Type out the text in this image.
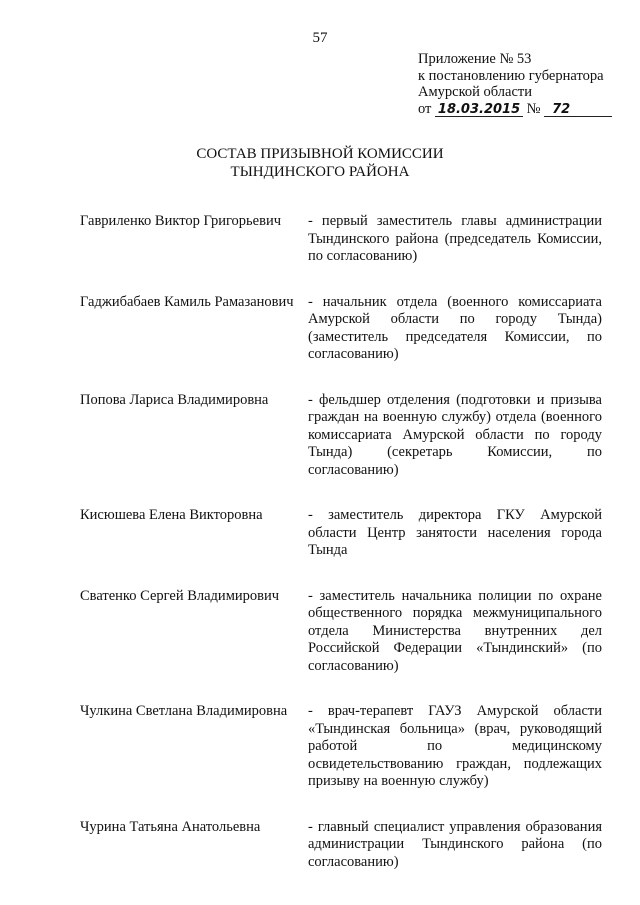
57
Приложение № 53
к постановлению губернатора
Амурской области
от 18.03.2015 № 72
СОСТАВ ПРИЗЫВНОЙ КОМИССИИ
ТЫНДИНСКОГО РАЙОНА
Гавриленко Виктор Григорьевич	- первый заместитель главы администрации Тындинского района (председатель Комиссии, по согласованию)
Гаджибабаев Камиль Рамазанович - начальник отдела (военного комиссариата Амурской области по городу Тында) (заместитель председателя Комиссии, по согласованию)
Попова Лариса Владимировна	- фельдшер отделения (подготовки и призыва граждан на военную службу) отдела (военного комиссариата Амурской области по городу Тында) (секретарь Комиссии, по согласованию)
Кисюшева Елена Викторовна	- заместитель директора ГКУ Амурской области Центр занятости населения города Тында
Сватенко Сергей Владимирович	- заместитель начальника полиции по охране общественного порядка межмуниципального отдела Министерства внутренних дел Российской Федерации «Тындинский» (по согласованию)
Чулкина Светлана Владимировна	- врач-терапевт ГАУЗ Амурской области «Тындинская больница» (врач, руководящий работой по медицинскому освидетельствованию граждан, подлежащих призыву на военную службу)
Чурина Татьяна Анатольевна	- главный специалист управления образования администрации Тындинского района (по согласованию)
